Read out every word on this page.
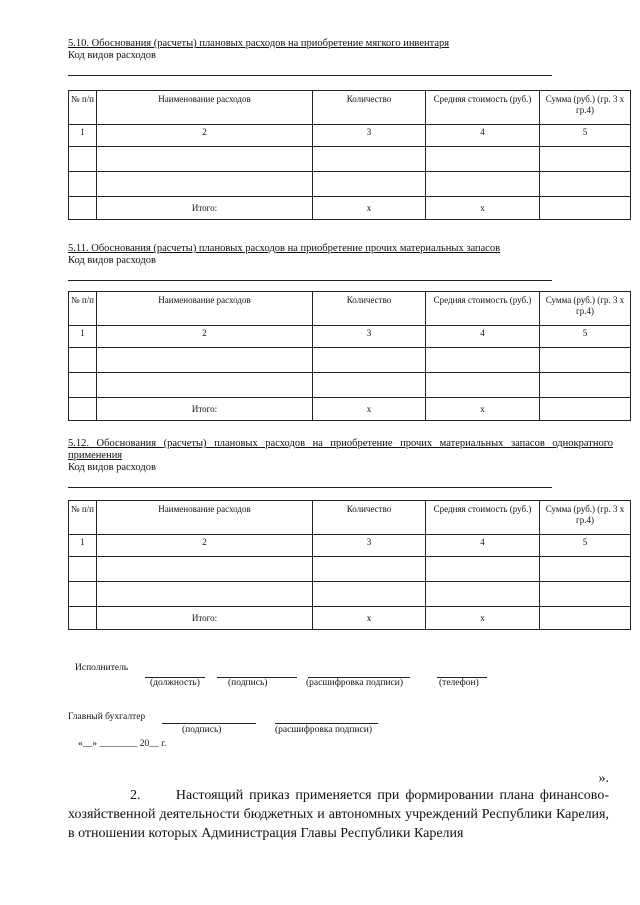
5.10. Обоснования (расчеты) плановых расходов на приобретение мягкого инвентаря
Код видов расходов
№ п/п	Наименование расходов	Количество	Средняя стоимость (руб.)	Сумма (руб.) (гр. 3 х гр.4)
1	2	3	4	5

	Итого:	х	х	
5.11. Обоснования (расчеты) плановых расходов на приобретение прочих материальных запасов
Код видов расходов
№ п/п	Наименование расходов	Количество	Средняя стоимость (руб.)	Сумма (руб.) (гр. 3 х гр.4)
1	2	3	4	5

	Итого:	х	х	
5.12. Обоснования (расчеты) плановых расходов на приобретение прочих материальных запасов однократного применения
Код видов расходов
№ п/п	Наименование расходов	Количество	Средняя стоимость (руб.)	Сумма (руб.) (гр. 3 х гр.4)
1	2	3	4	5

	Итого:	х	х	
Исполнитель
(должность)	(подпись)	(расшифровка подписи)	(телефон)
Главный бухгалтер
(подпись)	(расшифровка подписи)
«__» ________ 20__ г.
».
2.	Настоящий приказ применяется при формировании плана финансово-хозяйственной деятельности бюджетных и автономных учреждений Республики Карелия, в отношении которых Администрация Главы Республики Карелия
